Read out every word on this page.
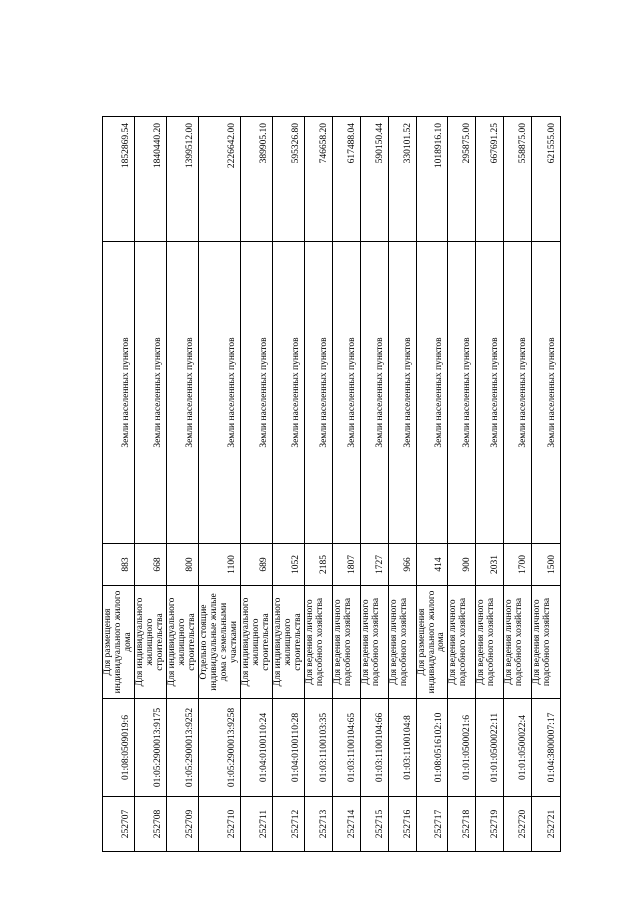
252707	01:08:0509019:6	Для размещения индивидуального жилого дома	883	Земли населенных пунктов	1852869.54
252708	01:05:2900013:9175	Для индивидуального жилищного строительства	668	Земли населенных пунктов	1840440.20
252709	01:05:2900013:9252	Для индивидуального жилищного строительства	800	Земли населенных пунктов	1399512.00
252710	01:05:2900013:9258	Отдельно стоящие индивидуальные жилые дома с земельными участками	1100	Земли населенных пунктов	2226642.00
252711	01:04:0100110:24	Для индивидуального жилищного строительства	689	Земли населенных пунктов	389905.10
252712	01:04:0100110:28	Для индивидуального жилищного строительства	1052	Земли населенных пунктов	595326.80
252713	01:03:1100103:35	Для ведения личного подсобного хозяйства	2185	Земли населенных пунктов	746658.20
252714	01:03:1100104:65	Для ведения личного подсобного хозяйства	1807	Земли населенных пунктов	617488.04
252715	01:03:1100104:66	Для ведения личного подсобного хозяйства	1727	Земли населенных пунктов	590150.44
252716	01:03:1100104:8	Для ведения личного подсобного хозяйства	966	Земли населенных пунктов	330101.52
252717	01:08:0516102:10	Для размещения индивидуального жилого дома	414	Земли населенных пунктов	1018916.10
252718	01:01:0500021:6	Для ведения личного подсобного хозяйства	900	Земли населенных пунктов	295875.00
252719	01:01:0500022:11	Для ведения личного подсобного хозяйства	2031	Земли населенных пунктов	667691.25
252720	01:01:0500022:4	Для ведения личного подсобного хозяйства	1700	Земли населенных пунктов	558875.00
252721	01:04:3800007:17	Для ведения личного подсобного хозяйства	1500	Земли населенных пунктов	621555.00
